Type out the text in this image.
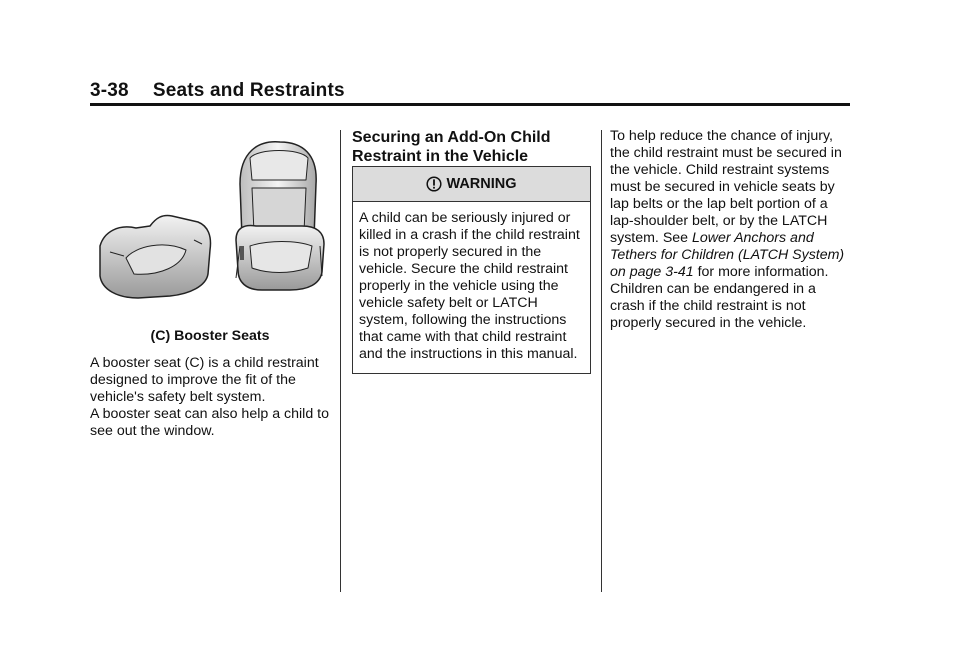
3-38 Seats and Restraints

(C) Booster Seats

A booster seat (C) is a child restraint designed to improve the fit of the vehicle's safety belt system.

A booster seat can also help a child to see out the window.

Securing an Add-On Child Restraint in the Vehicle

WARNING
A child can be seriously injured or killed in a crash if the child restraint is not properly secured in the vehicle. Secure the child restraint properly in the vehicle using the vehicle safety belt or LATCH system, following the instructions that came with that child restraint and the instructions in this manual.

To help reduce the chance of injury, the child restraint must be secured in the vehicle. Child restraint systems must be secured in vehicle seats by lap belts or the lap belt portion of a lap-shoulder belt, or by the LATCH system. See Lower Anchors and Tethers for Children (LATCH System) on page 3-41 for more information.

Children can be endangered in a crash if the child restraint is not properly secured in the vehicle.
